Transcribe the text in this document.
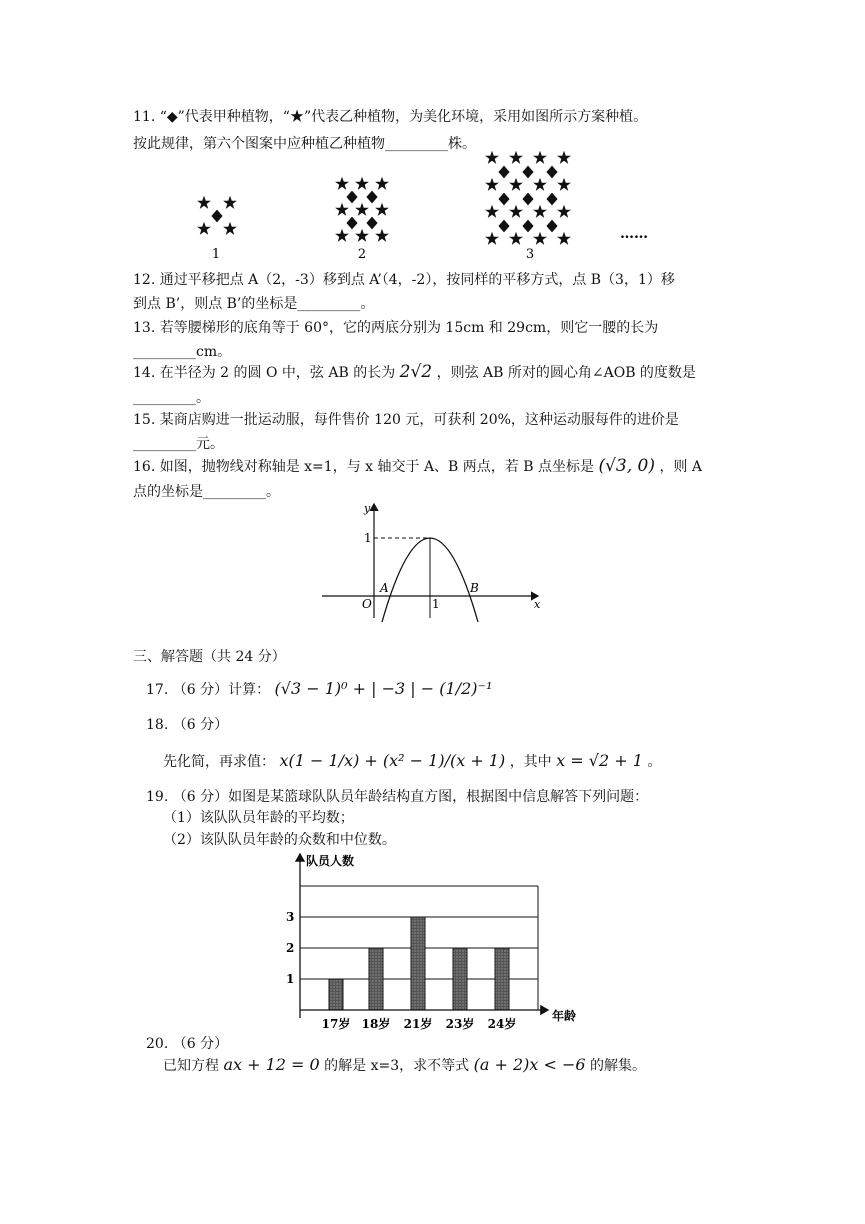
11. “◆”代表甲种植物，“★”代表乙种植物，为美化环境，采用如图所示方案种植。
按此规律，第六个图案中应种植乙种植物_________株。
1	2	3
……
12. 通过平移把点 A（2，-3）移到点 A’（4，-2），按同样的平移方式，点 B（3，1）移
到点 B’，则点 B’的坐标是_________。
13. 若等腰梯形的底角等于 60°，它的两底分别为 15cm 和 29cm，则它一腰的长为
_________cm。
14. 在半径为 2 的圆 O 中，弦 AB 的长为 2√2 ，则弦 AB 所对的圆心角∠AOB 的度数是
_________。
15. 某商店购进一批运动服，每件售价 120 元，可获利 20%，这种运动服每件的进价是
_________元。
16. 如图，抛物线对称轴是 x=1，与 x 轴交于 A、B 两点，若 B 点坐标是 (√3, 0) ，则 A
点的坐标是_________。
y
x
O
1
1
A	B
三、解答题（共 24 分）
17. （6 分）计算： (√3 − 1)⁰ + | −3 | − (1/2)⁻¹
18. （6 分）
先化简，再求值： x(1 − 1/x) + (x² − 1)/(x + 1) ，其中 x = √2 + 1 。
19. （6 分）如图是某篮球队队员年龄结构直方图，根据图中信息解答下列问题：
（1）该队队员年龄的平均数；
（2）该队队员年龄的众数和中位数。
1
2
3
17岁 18岁 21岁 23岁 24岁
队员人数
年龄
20. （6 分）
已知方程 ax + 12 = 0 的解是 x=3，求不等式 (a + 2)x < −6 的解集。
